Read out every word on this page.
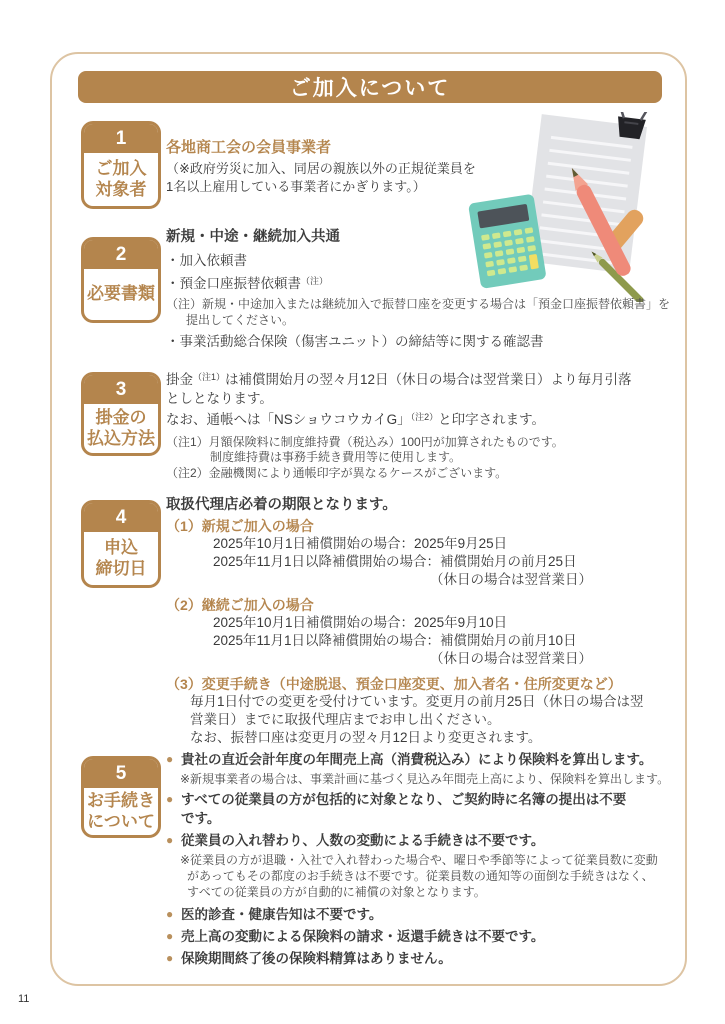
ご加入について
1
ご加入
対象者
各地商工会の会員事業者
（※政府労災に加入、同居の親族以外の正規従業員を
1名以上雇用している事業者にかぎります。）
2
必要書類
新規・中途・継続加入共通
・加入依頼書
・預金口座振替依頼書$^{(注)}$
（注）新規・中途加入または継続加入で振替口座を変更する場合は「預金口座振替依頼書」を
提出してください。
・事業活動総合保険（傷害ユニット）の締結等に関する確認書
3
掛金の
払込方法
掛金$^{(注1)}$は補償開始月の翌々月12日（休日の場合は翌営業日）より毎月引落
としとなります。
なお、通帳へは「NSショウコウカイG」$^{(注2)}$と印字されます。
（注1）月額保険料に制度維持費（税込み）100円が加算されたものです。
制度維持費は事務手続き費用等に使用します。
（注2）金融機関により通帳印字が異なるケースがございます。
4
申込
締切日
取扱代理店必着の期限となります。
（1）新規ご加入の場合
2025年10月1日補償開始の場合：2025年9月25日
2025年11月1日以降補償開始の場合：補償開始月の前月25日
（休日の場合は翌営業日）
（2）継続ご加入の場合
2025年10月1日補償開始の場合：2025年9月10日
2025年11月1日以降補償開始の場合：補償開始月の前月10日
（休日の場合は翌営業日）
（3）変更手続き（中途脱退、預金口座変更、加入者名・住所変更など）
毎月1日付での変更を受付けています。変更月の前月25日（休日の場合は翌
営業日）までに取扱代理店までお申し出ください。
なお、振替口座は変更月の翌々月12日より変更されます。
5
お手続き
について
● 貴社の直近会計年度の年間売上高（消費税込み）により保険料を算出します。
※新規事業者の場合は、事業計画に基づく見込み年間売上高により、保険料を算出します。
● すべての従業員の方が包括的に対象となり、ご契約時に名簿の提出は不要
です。
● 従業員の入れ替わり、人数の変動による手続きは不要です。
※従業員の方が退職・入社で入れ替わった場合や、曜日や季節等によって従業員数に変動
があってもその都度のお手続きは不要です。従業員数の通知等の面倒な手続きはなく、
すべての従業員の方が自動的に補償の対象となります。
● 医的診査・健康告知は不要です。
● 売上高の変動による保険料の請求・返還手続きは不要です。
● 保険期間終了後の保険料精算はありません。
11
